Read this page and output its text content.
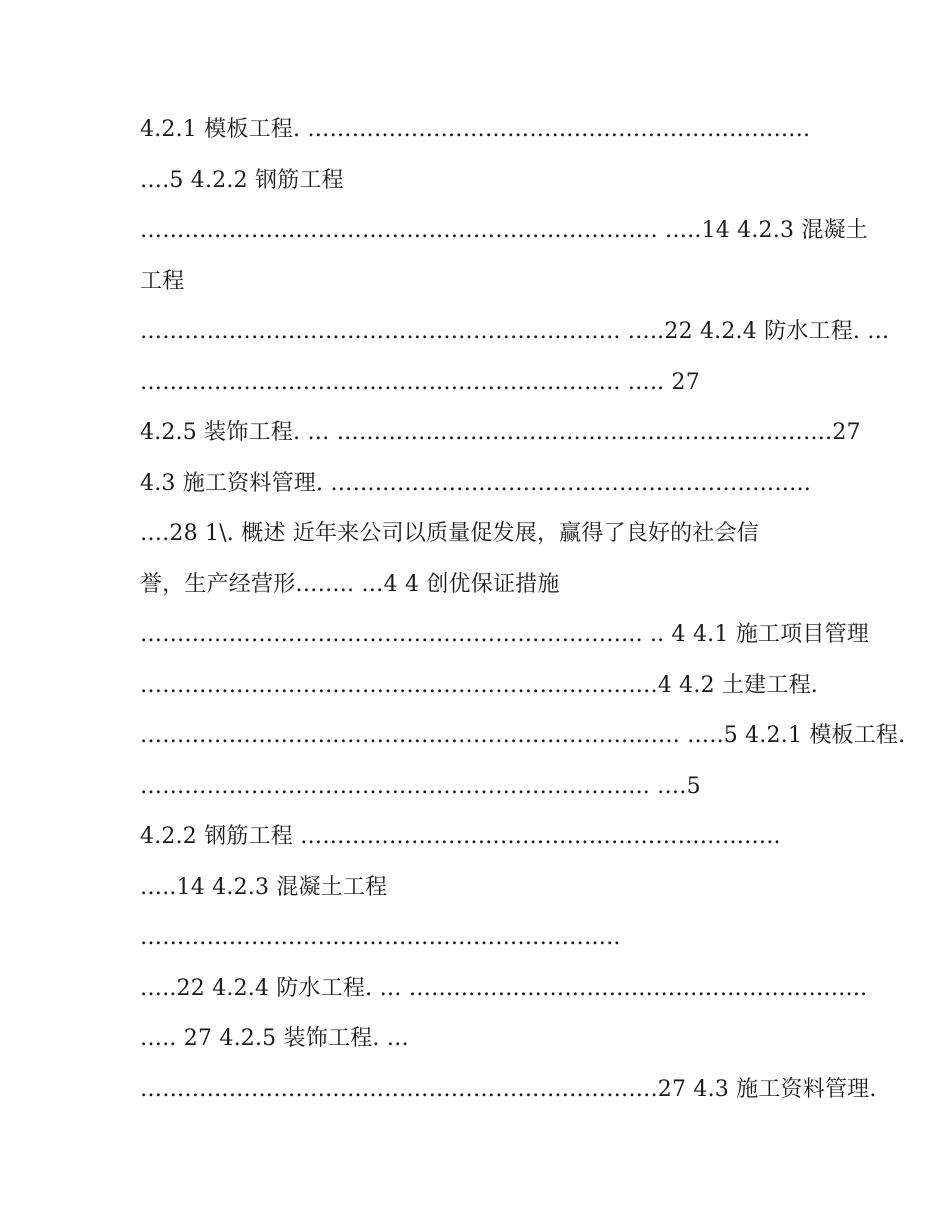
4.2.1 模板工程. …………………………………………………………..
….5 4.2.2 钢筋工程
……………………………………………………………. …..14 4.2.3 混凝土
工程
……………………………………………………….. …..22 4.2.4 防水工程. …
……………………………………………………….. ….. 27
4.2.5 装饰工程. … ………………………………………………………….27
4.3 施工资料管理. ………………………………………………………..
….28 1\. 概述 近年来公司以质量促发展，赢得了良好的社会信
誉，生产经营形…….. …4 4 创优保证措施
………………………………………………………….. .. 4 4.1 施工项目管理
…………………………………………………………….4 4.2 土建工程.
………………………………………………………………. …..5 4.2.1 模板工程.
…………………………………………………………... ….5
4.2.2 钢筋工程 ………………………………………………………..
…..14 4.2.3 混凝土工程
………………………………………………………..
…..22 4.2.4 防水工程. … ……………………………………………………..
….. 27 4.2.5 装饰工程. …
…………………………………………………………….27 4.3 施工资料管理.
